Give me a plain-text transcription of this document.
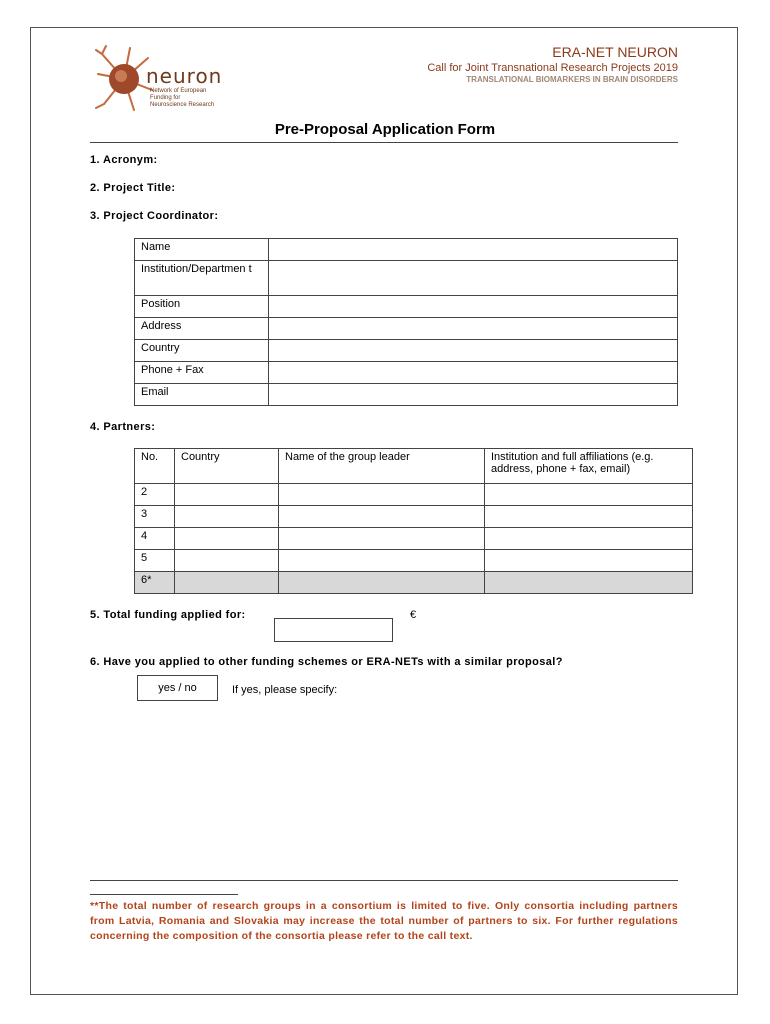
neuron
Network of European
Funding for
Neuroscience Research
ERA-NET NEURON
Call for Joint Transnational Research Projects 2019
TRANSLATIONAL BIOMARKERS IN BRAIN DISORDERS
Pre-Proposal Application Form
1. Acronym:
2. Project Title:
3. Project Coordinator:
Name	
Institution/Departmen t	
Position	
Address	
Country	
Phone + Fax	
Email	
4. Partners:
No.	Country	Name of the group leader	Institution and full affiliations (e.g. address, phone + fax, email)
2			
3			
4			
5			
6*			
5. Total funding applied for:	€
6. Have you applied to other funding schemes or ERA-NETs with a similar proposal?
yes / no	If yes, please specify:
**The total number of research groups in a consortium is limited to five. Only consortia including partners from Latvia, Romania and Slovakia may increase the total number of partners to six. For further regulations concerning the composition of the consortia please refer to the call text.
